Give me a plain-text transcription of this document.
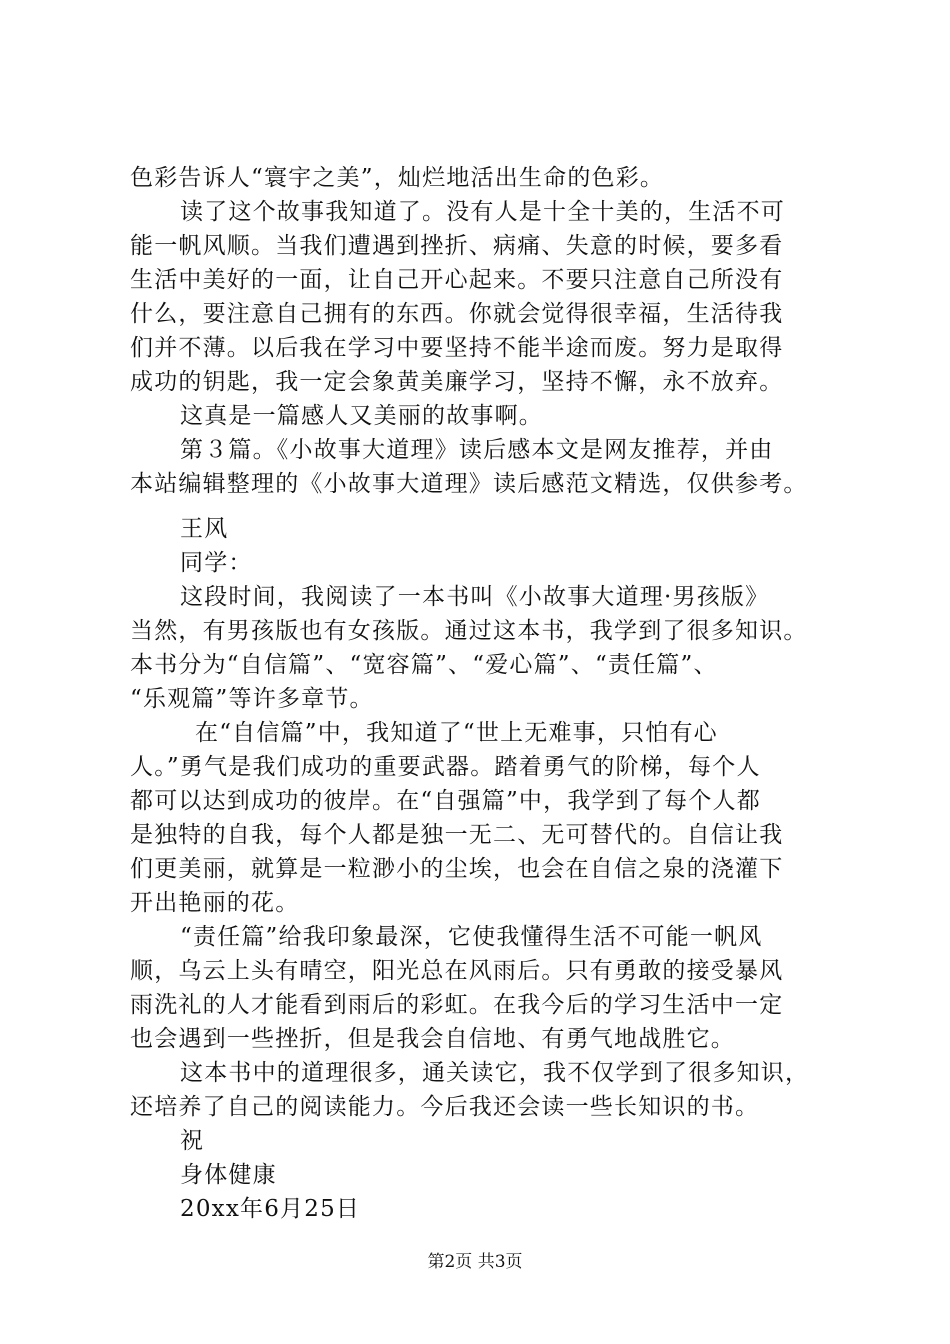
色彩告诉人“寰宇之美”，灿烂地活出生命的色彩。
读了这个故事我知道了。没有人是十全十美的，生活不可
能一帆风顺。当我们遭遇到挫折、病痛、失意的时候，要多看
生活中美好的一面，让自己开心起来。不要只注意自己所没有
什么，要注意自己拥有的东西。你就会觉得很幸福，生活待我
们并不薄。以后我在学习中要坚持不能半途而废。努力是取得
成功的钥匙，我一定会象黄美廉学习，坚持不懈，永不放弃。
这真是一篇感人又美丽的故事啊。
第３篇。《小故事大道理》读后感本文是网友推荐，并由
本站编辑整理的《小故事大道理》读后感范文精选，仅供参考。
王风
同学：
这段时间，我阅读了一本书叫《小故事大道理·男孩版》
当然，有男孩版也有女孩版。通过这本书，我学到了很多知识。
本书分为“自信篇”、“宽容篇”、“爱心篇”、“责任篇”、
“乐观篇”等许多章节。
在“自信篇”中，我知道了“世上无难事，只怕有心
人。”勇气是我们成功的重要武器。踏着勇气的阶梯，每个人
都可以达到成功的彼岸。在“自强篇”中，我学到了每个人都
是独特的自我，每个人都是独一无二、无可替代的。自信让我
们更美丽，就算是一粒渺小的尘埃，也会在自信之泉的浇灌下
开出艳丽的花。
“责任篇”给我印象最深，它使我懂得生活不可能一帆风
顺，乌云上头有晴空，阳光总在风雨后。只有勇敢的接受暴风
雨洗礼的人才能看到雨后的彩虹。在我今后的学习生活中一定
也会遇到一些挫折，但是我会自信地、有勇气地战胜它。
这本书中的道理很多，通关读它，我不仅学到了很多知识，
还培养了自己的阅读能力。今后我还会读一些长知识的书。
祝
身体健康
20xx年6月25日
第2页 共3页
